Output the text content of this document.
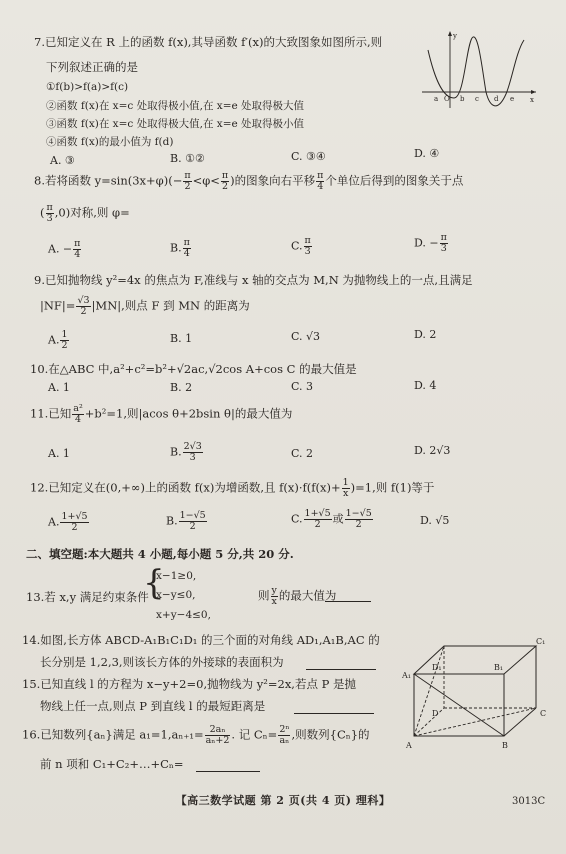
7.已知定义在 R 上的函数 f(x),其导函数 f′(x)的大致图象如图所示,则
下列叙述正确的是
①f(b)>f(a)>f(c)
②函数 f(x)在 x=c 处取得极小值,在 x=e 处取得极大值
③函数 f(x)在 x=c 处取得极大值,在 x=e 处取得极小值
④函数 f(x)的最小值为 f(d)
A. ③	B. ①②	C. ③④	D. ④
y
x
O
a	b c d e
8.若将函数 $y=\sin(3x+\varphi)(- \frac{\pi}{2} <\varphi< \frac{\pi}{2}$ )的图象向右平移 $\frac{\pi}{4}$ 个单位后得到的图象关于点
( $\frac{\pi}{3} ,0$)对称,则 φ=
A. − $\frac{\pi}{4}$	B. $\frac{\pi}{4}$	C. $\frac{\pi}{3}$	D. − $\frac{\pi}{3}$
9.已知抛物线 y²=4x 的焦点为 F,准线与 x 轴的交点为 M,N 为抛物线上的一点,且满足
$|NF|= \frac{√3}{2} |MN|$,则点 F 到 MN 的距离为
A. $\frac{1}{2}$	B. 1	C. √3	D. 2
10.在△ABC 中,a²+c²=b²+√2ac,√2cos A+cos C 的最大值是
A. 1	B. 2	C. 3	D. 4
11.已知 $\frac{\text{a²}}{4} +b^2=1$,则|acos θ+2bsin θ|的最大值为
A. 1	B. $\frac{2√3}{3}$	C. 2	D. 2√3
12.已知定义在(0,+∞)上的函数 f(x)为增函数,且 $f(x)\cdot f(f(x)+ \frac{1}{x} )=1$,则 f(1)等于
A. $\frac{1+√5}{2}$	B. $\frac{1-√5}{2}$	C. $\frac{1+√5}{2}$ 或 $\frac{1-√5}{2}$	D. √5
二、填空题:本大题共 4 小题,每小题 5 分,共 20 分.
13.若 x,y 满足约束条件
{
x−1≥0,
x−y≤0,
x+y−4≤0,
则 $\frac{y}{x}$ 的最大值为
14.如图,长方体 ABCD-A₁B₁C₁D₁ 的三个面的对角线 AD₁,A₁B,AC 的
长分别是 1,2,3,则该长方体的外接球的表面积为
C₁
B₁
A₁
D₁
D	C
A	B
15.已知直线 l 的方程为 x−y+2=0,抛物线为 y²=2x,若点 P 是抛
物线上任一点,则点 P 到直线 l 的最短距离是
16.已知数列{aₙ}满足 $a_1=1,a_{n+1}= \frac{\text{2aₙ}}{\text{aₙ+2}}$ . 记 $C_n= \frac{\text{2ⁿ}}{\text{aₙ}}$ ,则数列{Cₙ}的
前 n 项和 C₁+C₂+…+Cₙ=
【高三数学试题 第 2 页(共 4 页) 理科】	3013C
